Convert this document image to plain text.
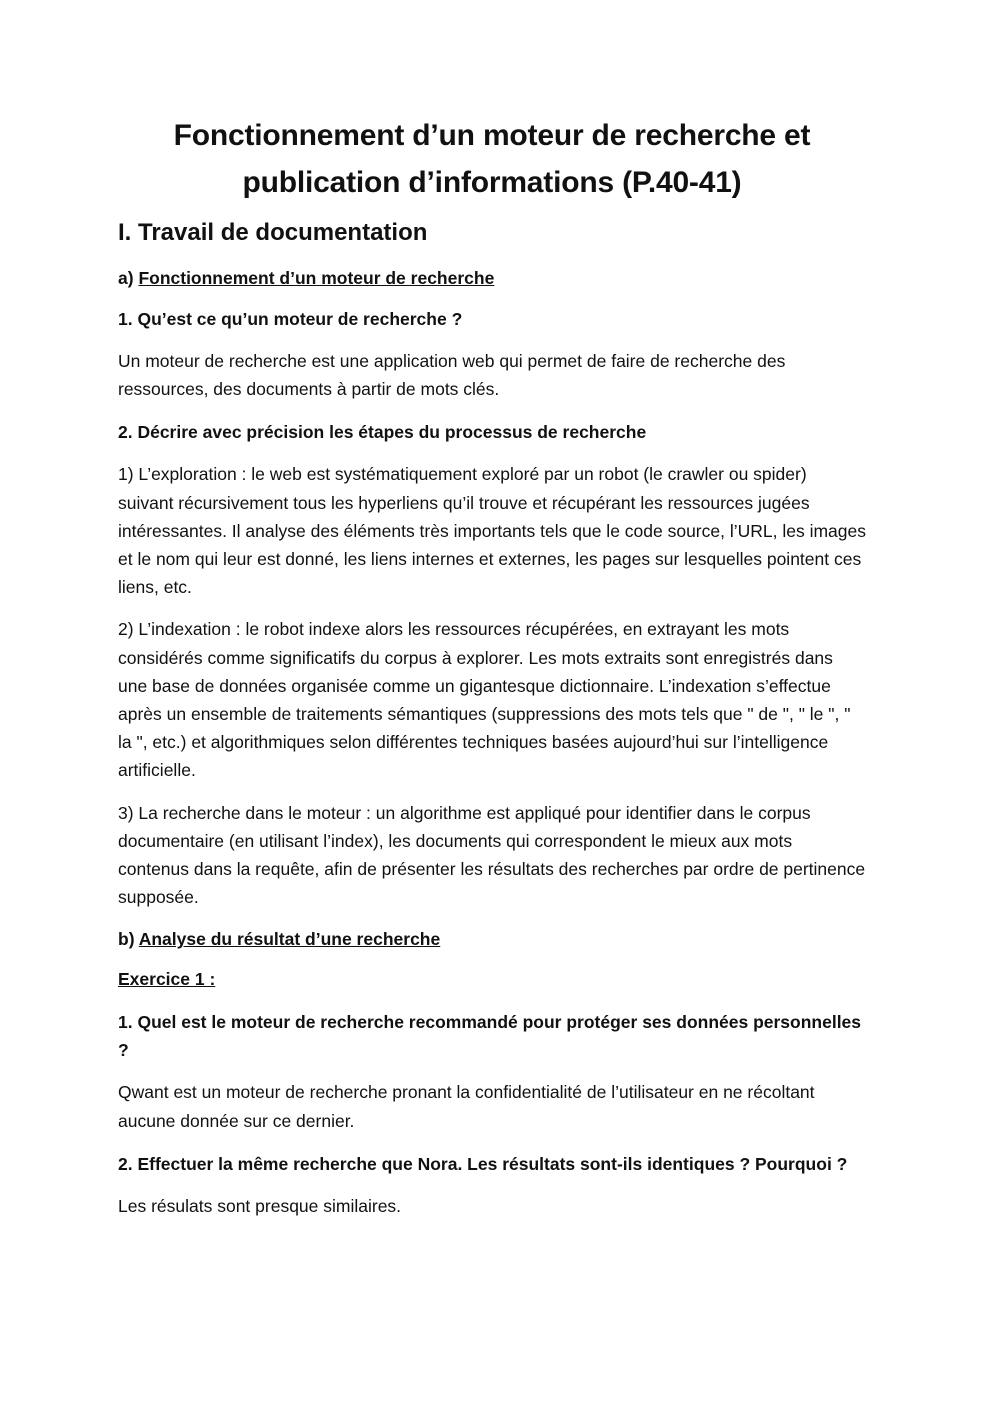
Fonctionnement d’un moteur de recherche et publication d’informations (P.40-41)
I. Travail de documentation

a) Fonctionnement d’un moteur de recherche

1. Qu’est ce qu’un moteur de recherche ?

Un moteur de recherche est une application web qui permet de faire de recherche des ressources, des documents à partir de mots clés.

2. Décrire avec précision les étapes du processus de recherche

1) L’exploration : le web est systématiquement exploré par un robot (le crawler ou spider) suivant récursivement tous les hyperliens qu’il trouve et récupérant les ressources jugées intéressantes. Il analyse des éléments très importants tels que le code source, l’URL, les images et le nom qui leur est donné, les liens internes et externes, les pages sur lesquelles pointent ces liens, etc.

2) L’indexation : le robot indexe alors les ressources récupérées, en extrayant les mots considérés comme significatifs du corpus à explorer. Les mots extraits sont enregistrés dans une base de données organisée comme un gigantesque dictionnaire. L’indexation s’effectue après un ensemble de traitements sémantiques (suppressions des mots tels que " de ", " le ", " la ", etc.) et algorithmiques selon différentes techniques basées aujourd’hui sur l’intelligence artificielle.

3) La recherche dans le moteur : un algorithme est appliqué pour identifier dans le corpus documentaire (en utilisant l’index), les documents qui correspondent le mieux aux mots contenus dans la requête, afin de présenter les résultats des recherches par ordre de pertinence supposée.

b) Analyse du résultat d’une recherche

Exercice 1 :

1. Quel est le moteur de recherche recommandé pour protéger ses données personnelles ?

Qwant est un moteur de recherche pronant la confidentialité de l’utilisateur en ne récoltant aucune donnée sur ce dernier.

2. Effectuer la même recherche que Nora. Les résultats sont-ils identiques ? Pourquoi ?

Les résulats sont presque similaires.
